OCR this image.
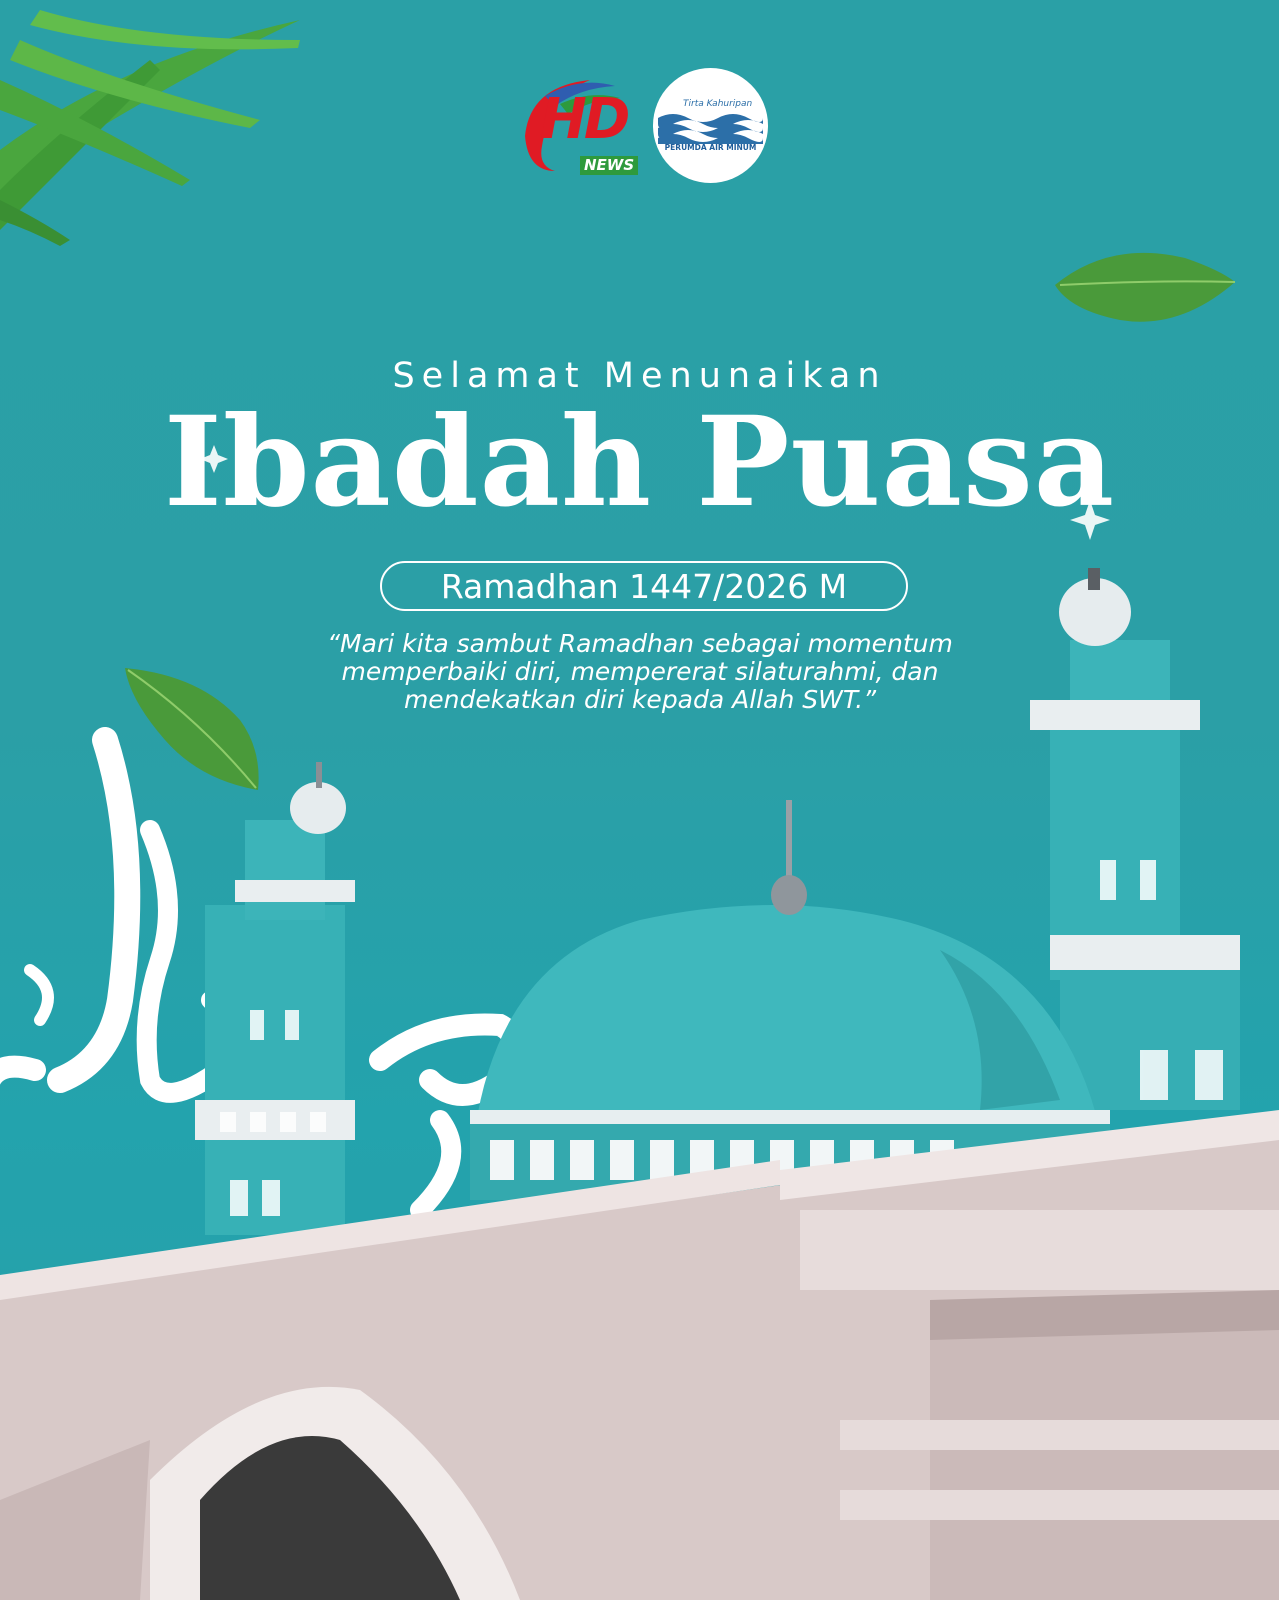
HD
NEWS
Tirta Kahuripan
PERUMDA AIR MINUM
Selamat Menunaikan
Ibadah Puasa
Ramadhan 1447/2026 M
“Mari kita sambut Ramadhan sebagai momentum
memperbaiki diri, mempererat silaturahmi, dan
mendekatkan diri kepada Allah SWT.”
